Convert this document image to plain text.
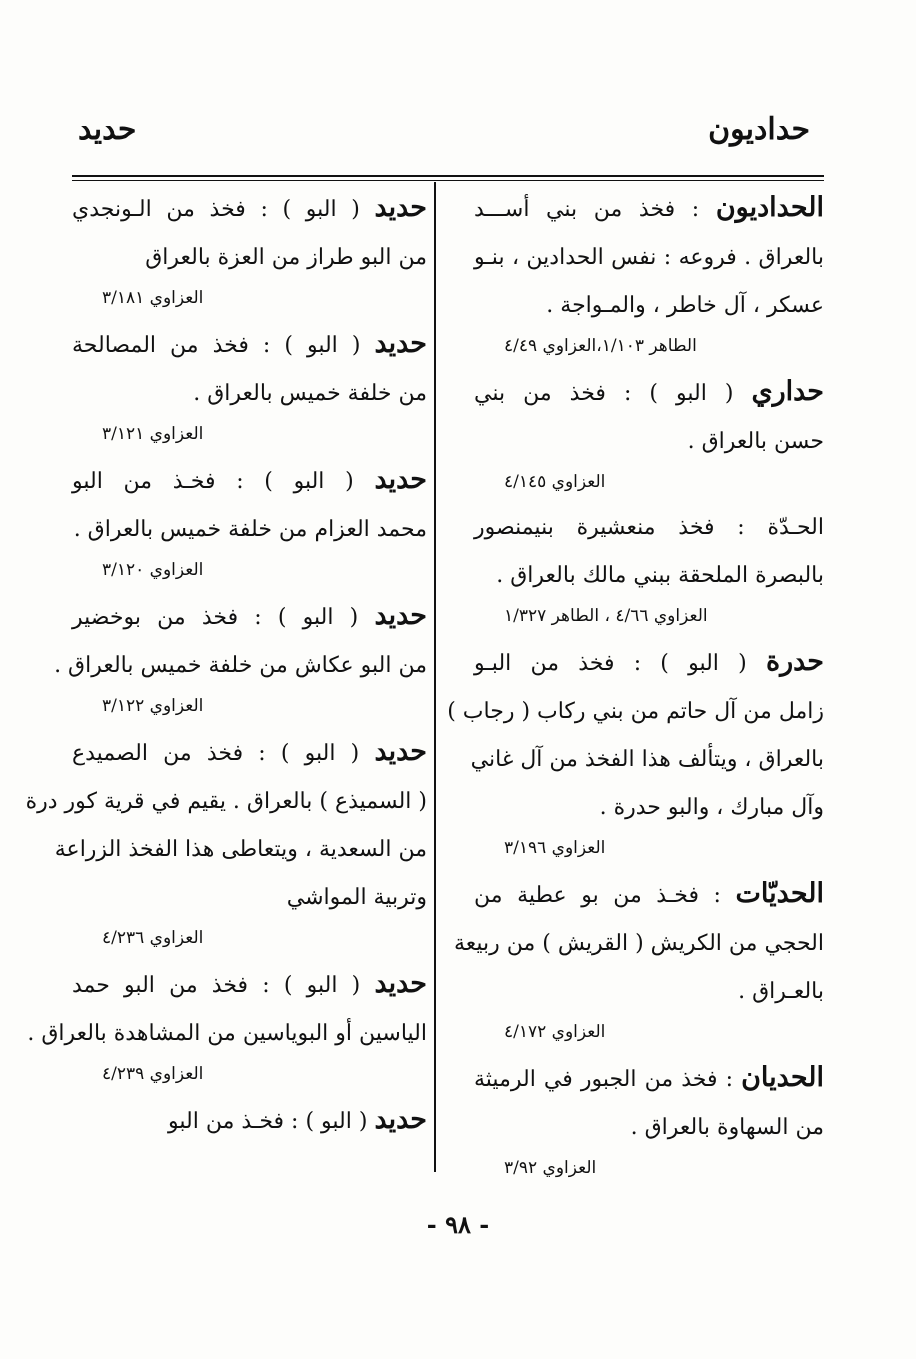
حداديون
حديد
الحداديون : فخذ من بني أســـد
بالعراق . فروعه : نفس الحدادين ، بنـو
عسكر ، آل خاطر ، والمـواجة .
الطاهر ١/١٠٣،العزاوي ٤/٤٩
حداري ( البو ) : فخذ من بني
حسن بالعراق .
العزاوي ٤/١٤٥
الحـدّة : فخذ منعشيرة بنيمنصور
بالبصرة الملحقة ببني مالك بالعراق .
العزاوي ٤/٦٦ ، الطاهر ١/٣٢٧
حدرة ( البو ) : فخذ من البـو
زامل من آل حاتم من بني ركاب ( رجاب )
بالعراق ، ويتألف هذا الفخذ من آل غاني
وآل مبارك ، والبو حدرة .
العزاوي ٣/١٩٦
الحديّات : فخـذ من بو عطية من
الحجي من الكريش ( القريش ) من ربيعة
بالعـراق .
العزاوي ٤/١٧٢
الحديان : فخذ من الجبور في الرميثة
من السهاوة بالعراق .
العزاوي ٣/٩٢
حديد ( البو ) : فخذ من الـونجدي
من البو طراز من العزة بالعراق
العزاوي ٣/١٨١
حديد ( البو ) : فخذ من المصالحة
من خلفة خميس بالعراق .
العزاوي ٣/١٢١
حديد ( البو ) : فخـذ من البو
محمد العزام من خلفة خميس بالعراق .
العزاوي ٣/١٢٠
حديد ( البو ) : فخذ من بوخضير
من البو عكاش من خلفة خميس بالعراق .
العزاوي ٣/١٢٢
حديد ( البو ) : فخذ من الصميدع
( السميذع ) بالعراق . يقيم في قرية كور درة
من السعدية ، ويتعاطى هذا الفخذ الزراعة
وتربية المواشي
العزاوي ٤/٢٣٦
حديد ( البو ) : فخذ من البو حمد
الياسين أو البوياسين من المشاهدة بالعراق .
العزاوي ٤/٢٣٩
حديد ( البو ) : فخـذ من البو
- ٩٨ -
